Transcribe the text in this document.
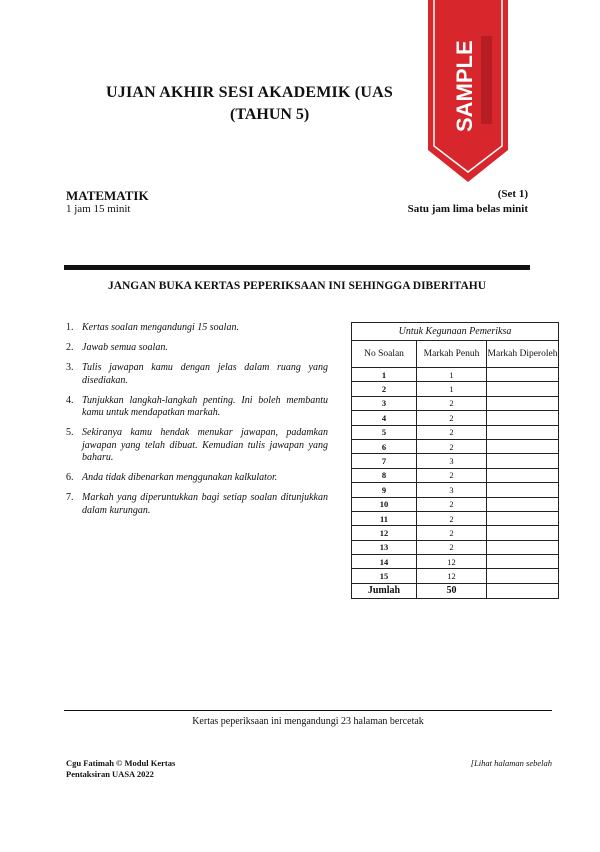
UJIAN AKHIR SESI AKADEMIK (UAS
(TAHUN 5)	SAMPLE
MATEMATIK
1 jam 15 minit
(Set 1)
Satu jam lima belas minit
JANGAN BUKA KERTAS PEPERIKSAAN INI SEHINGGA DIBERITAHU
1. Kertas soalan mengandungi 15 soalan.
2. Jawab semua soalan.
3. Tulis jawapan kamu dengan jelas dalam ruang yang disediakan.
4. Tunjukkan langkah-langkah penting. Ini boleh membantu kamu untuk mendapatkan markah.
5. Sekiranya kamu hendak menukar jawapan, padamkan jawapan yang telah dibuat. Kemudian tulis jawapan yang baharu.
6. Anda tidak dibenarkan menggunakan kalkulator.
7. Markah yang diperuntukkan bagi setiap soalan ditunjukkan dalam kurungan.
Untuk Kegunaan Pemeriksa		
No Soalan	Markah Penuh	Markah Diperoleh
1	1	
2	1	
3	2	
4	2	
5	2	
6	2	
7	3	
8	2	
9	3	
10	2	
11	2	
12	2	
13	2	
14	12	
15	12	
Jumlah	50	
Kertas peperiksaan ini mengandungi 23 halaman bercetak
Cgu Fatimah © Modul Kertas
Pentaksiran UASA 2022
[Lihat halaman sebelah
